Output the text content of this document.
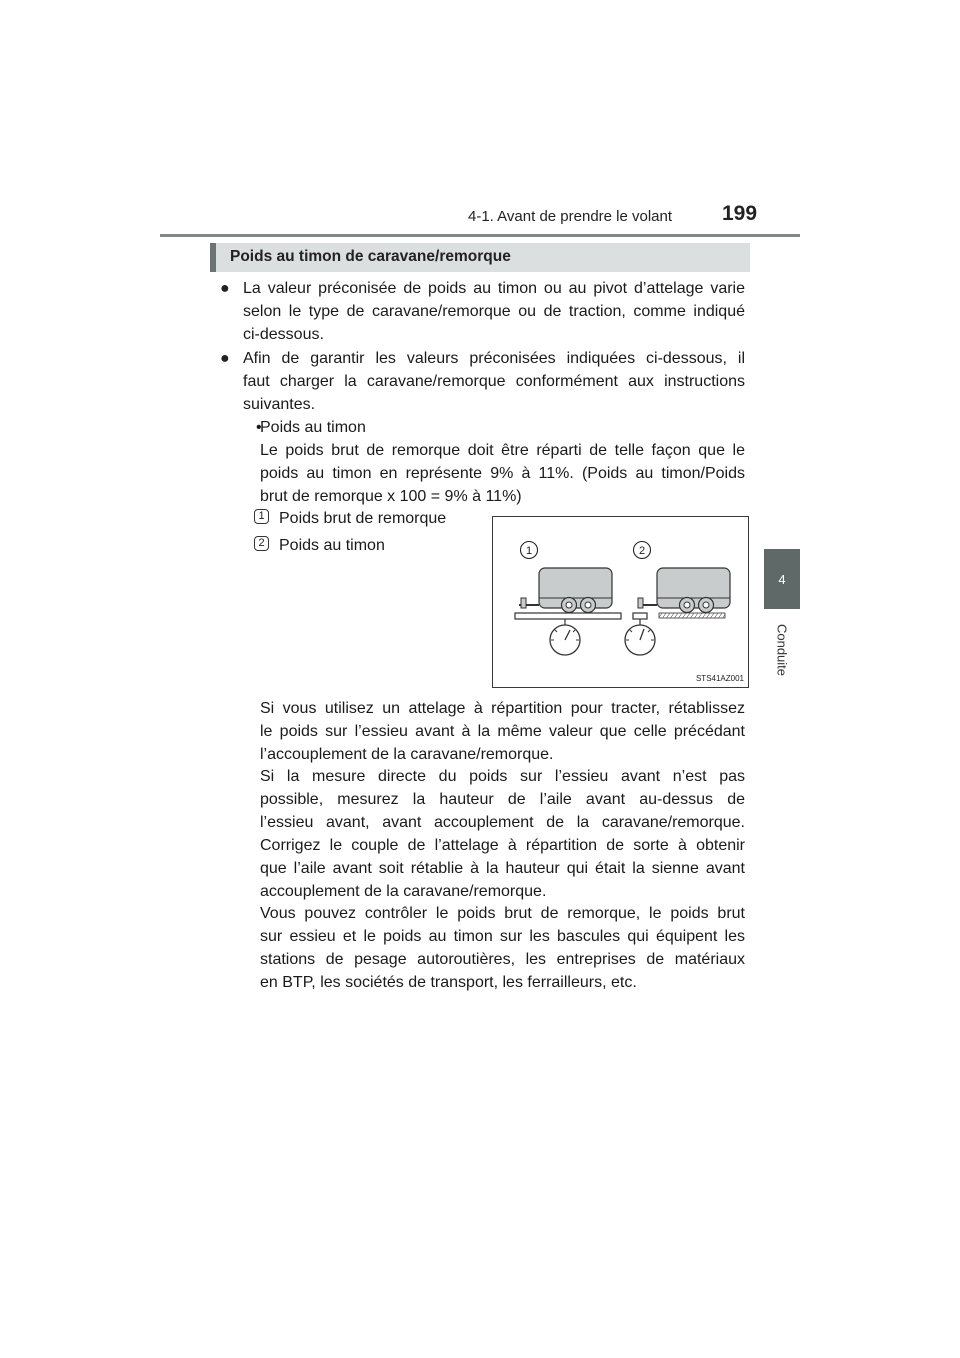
4-1. Avant de prendre le volant 199
4
Conduite
Poids au timon de caravane/remorque
● La valeur préconisée de poids au timon ou au pivot d’attelage varie
selon le type de caravane/remorque ou de traction, comme indiqué
ci-dessous.
● Afin de garantir les valeurs préconisées indiquées ci-dessous, il
faut charger la caravane/remorque conformément aux instructions
suivantes.
•
Poids au timon
Le poids brut de remorque doit être réparti de telle façon que le
poids au timon en représente 9% à 11%. (Poids au timon/Poids
brut de remorque x 100 = 9% à 11%)
1 Poids brut de remorque
2 Poids au timon	1	2
STS41AZ001
Si vous utilisez un attelage à répartition pour tracter, rétablissez
le poids sur l’essieu avant à la même valeur que celle précédant
l’accouplement de la caravane/remorque.
Si la mesure directe du poids sur l’essieu avant n’est pas
possible, mesurez la hauteur de l’aile avant au-dessus de
l’essieu avant, avant accouplement de la caravane/remorque.
Corrigez le couple de l’attelage à répartition de sorte à obtenir
que l’aile avant soit rétablie à la hauteur qui était la sienne avant
accouplement de la caravane/remorque.
Vous pouvez contrôler le poids brut de remorque, le poids brut
sur essieu et le poids au timon sur les bascules qui équipent les
stations de pesage autoroutières, les entreprises de matériaux
en BTP, les sociétés de transport, les ferrailleurs, etc.
